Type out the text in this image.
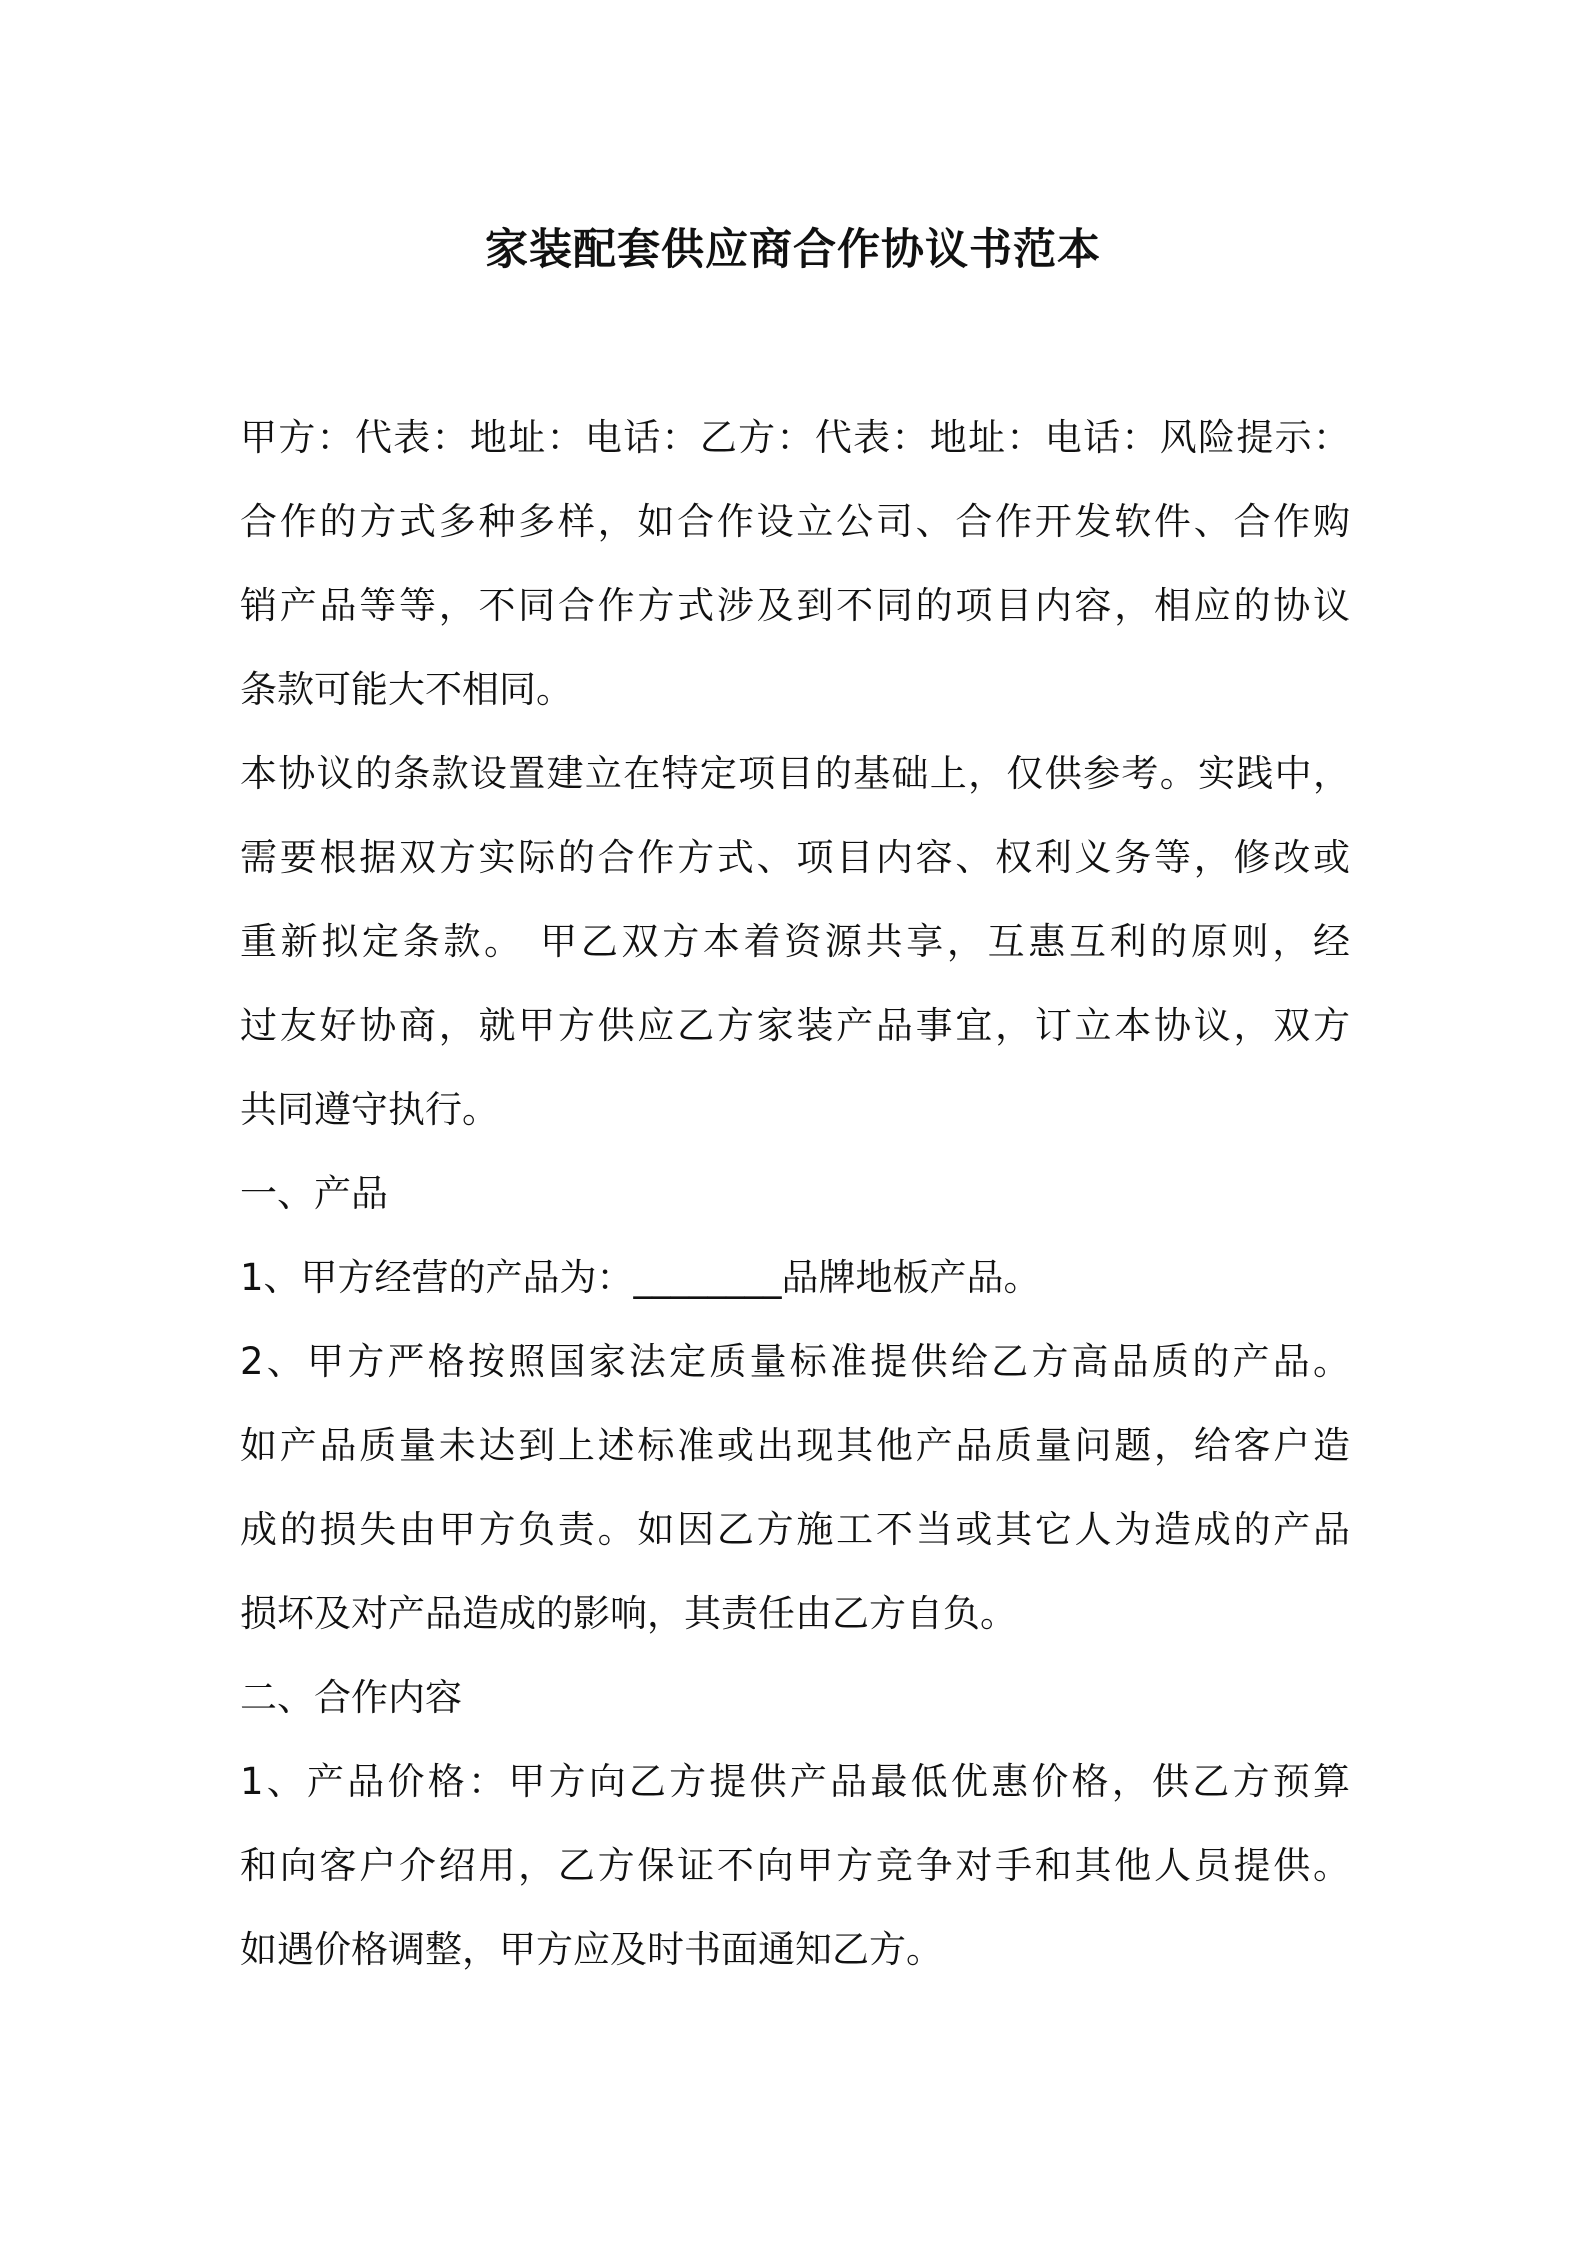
家装配套供应商合作协议书范本
甲方：代表：地址：电话：乙方：代表：地址：电话：风险提示：
合作的方式多种多样，如合作设立公司、合作开发软件、合作购
销产品等等，不同合作方式涉及到不同的项目内容，相应的协议
条款可能大不相同。
本协议的条款设置建立在特定项目的基础上，仅供参考。实践中，
需要根据双方实际的合作方式、项目内容、权利义务等，修改或
重新拟定条款。 甲乙双方本着资源共享，互惠互利的原则，经
过友好协商，就甲方供应乙方家装产品事宜，订立本协议，双方
共同遵守执行。
一、产品
1、甲方经营的产品为：________品牌地板产品。
2、甲方严格按照国家法定质量标准提供给乙方高品质的产品。
如产品质量未达到上述标准或出现其他产品质量问题，给客户造
成的损失由甲方负责。如因乙方施工不当或其它人为造成的产品
损坏及对产品造成的影响，其责任由乙方自负。
二、合作内容
1、产品价格：甲方向乙方提供产品最低优惠价格，供乙方预算
和向客户介绍用，乙方保证不向甲方竞争对手和其他人员提供。
如遇价格调整，甲方应及时书面通知乙方。
